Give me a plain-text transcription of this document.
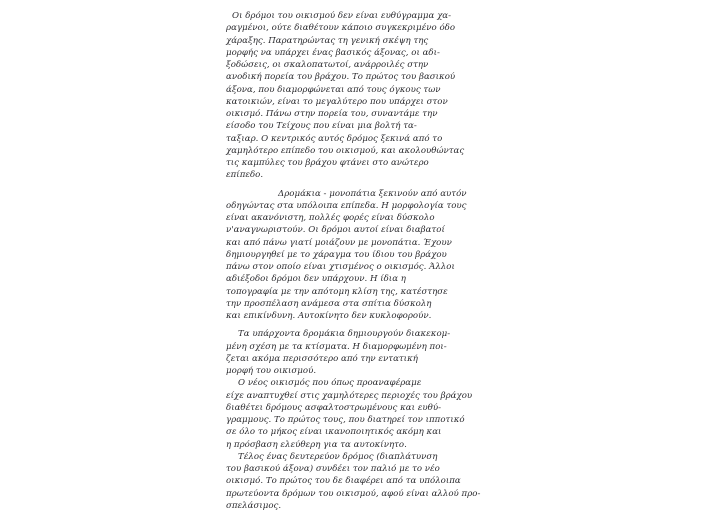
Οι δρόμοι του οικισμού δεν είναι ευθύγραμμα χα-
ραγμένοι, ούτε διαθέτουν κάποιο συγκεκριμένο όδο
χάραξης. Παρατηρώντας τη γενική σκέψη της
μορφής να υπάρχει ένας βασικός άξονας, οι αδι-
ξοδώσεις, οι σκαλοπατωτοί, ανάρροιλές στην
ανοδική πορεία του βράχου. Το πρώτος του βασικού
άξονα, που διαμορφώνεται από τους όγκους των
κατοικιών, είναι το μεγαλύτερο που υπάρχει στον
οικισμό. Πάνω στην πορεία του, συναντάμε την
είσοδο του Τείχους που είναι μια βολτή τα-
ταξιαρ. Ο κεντρικός αυτός δρόμος ξεκινά από το
χαμηλότερο επίπεδο του οικισμού, και ακολουθώντας
τις καμπύλες του βράχου φτάνει στο ανώτερο
επίπεδο.
Δρομάκια - μονοπάτια ξεκινούν από αυτόν
οδηγώντας στα υπόλοιπα επίπεδα. Η μορφολογία τους
είναι ακανόνιστη, πολλές φορές είναι δύσκολο
ν'αναγνωριστούν. Οι δρόμοι αυτοί είναι διαβατοί
και από πάνω γιατί μοιάζουν με μονοπάτια. Έχουν
δημιουργηθεί με το χάραγμα του ίδιου του βράχου
πάνω στον οποίο είναι χτισμένος ο οικισμός. Άλλοι
αδιέξοδοι δρόμοι δεν υπάρχουν. Η ίδια η
τοπογραφία με την απότομη κλίση της, κατέστησε
την προσπέλαση ανάμεσα στα σπίτια δύσκολη
και επικίνδυνη. Αυτοκίνητο δεν κυκλοφορούν.
Τα υπάρχοντα δρομάκια δημιουργούν διακεκομ-
μένη σχέση με τα κτίσματα. Η διαμορφωμένη ποι-
ζεται ακόμα περισσότερο από την εντατική
μορφή του οικισμού.
Ο νέος οικισμός που όπως προαναφέραμε
είχε αναπτυχθεί στις χαμηλότερες περιοχές του βράχου
διαθέτει δρόμους ασφαλτοστρωμένους και ευθύ-
γραμμους. Το πρώτος τους, που διατηρεί τον ιπποτικό
σε όλο το μήκος είναι ικανοποιητικός ακόμη και
η πρόσβαση ελεύθερη για τα αυτοκίνητο.
Τέλος ένας δευτερεύον δρόμος (διαπλάτυνση
του βασικού άξονα) συνδέει τον παλιό με το νέο
οικισμό. Το πρώτος του δε διαφέρει από τα υπόλοιπα
πρωτεύοντα δρόμων του οικισμού, αφού είναι αλλού προ-
σπελάσιμος.
